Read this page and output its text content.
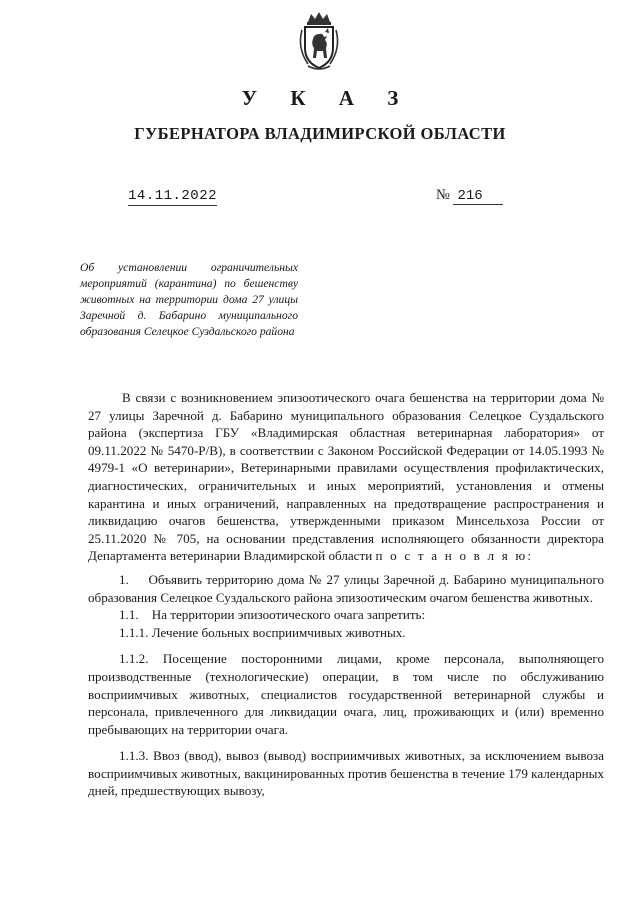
У К А З
ГУБЕРНАТОРА ВЛАДИМИРСКОЙ ОБЛАСТИ
14.11.2022	№ 216
Об установлении ограничительных мероприятий (карантина) по бешенству животных на территории дома 27 улицы Заречной д. Бабарино муниципального образования Селецкое Суздальского района

В связи с возникновением эпизоотического очага бешенства на территории дома № 27 улицы Заречной д. Бабарино муниципального образования Селецкое Суздальского района (экспертиза ГБУ «Владимирская областная ветеринарная лаборатория» от 09.11.2022 № 5470-Р/В), в соответствии с Законом Российской Федерации от 14.05.1993 № 4979-1 «О ветеринарии», Ветеринарными правилами осуществления профилактических, диагностических, ограничительных и иных мероприятий, установления и отмены карантина и иных ограничений, направленных на предотвращение распространения и ликвидацию очагов бешенства, утвержденными приказом Минсельхоза России от 25.11.2020 № 705, на основании представления исполняющего обязанности директора Департамента ветеринарии Владимирской области п о с т а н о в л я ю:

1.  Объявить территорию дома № 27 улицы Заречной д. Бабарино муниципального образования Селецкое Суздальского района эпизоотическим очагом бешенства животных.

1.1. На территории эпизоотического очага запретить:

1.1.1. Лечение больных восприимчивых животных.

1.1.2. Посещение посторонними лицами, кроме персонала, выполняющего производственные (технологические) операции, в том числе по обслуживанию восприимчивых животных, специалистов государственной ветеринарной службы и персонала, привлеченного для ликвидации очага, лиц, проживающих и (или) временно пребывающих на территории очага.

1.1.3. Ввоз (ввод), вывоз (вывод) восприимчивых животных, за исключением вывоза восприимчивых животных, вакцинированных против бешенства в течение 179 календарных дней, предшествующих вывозу,
